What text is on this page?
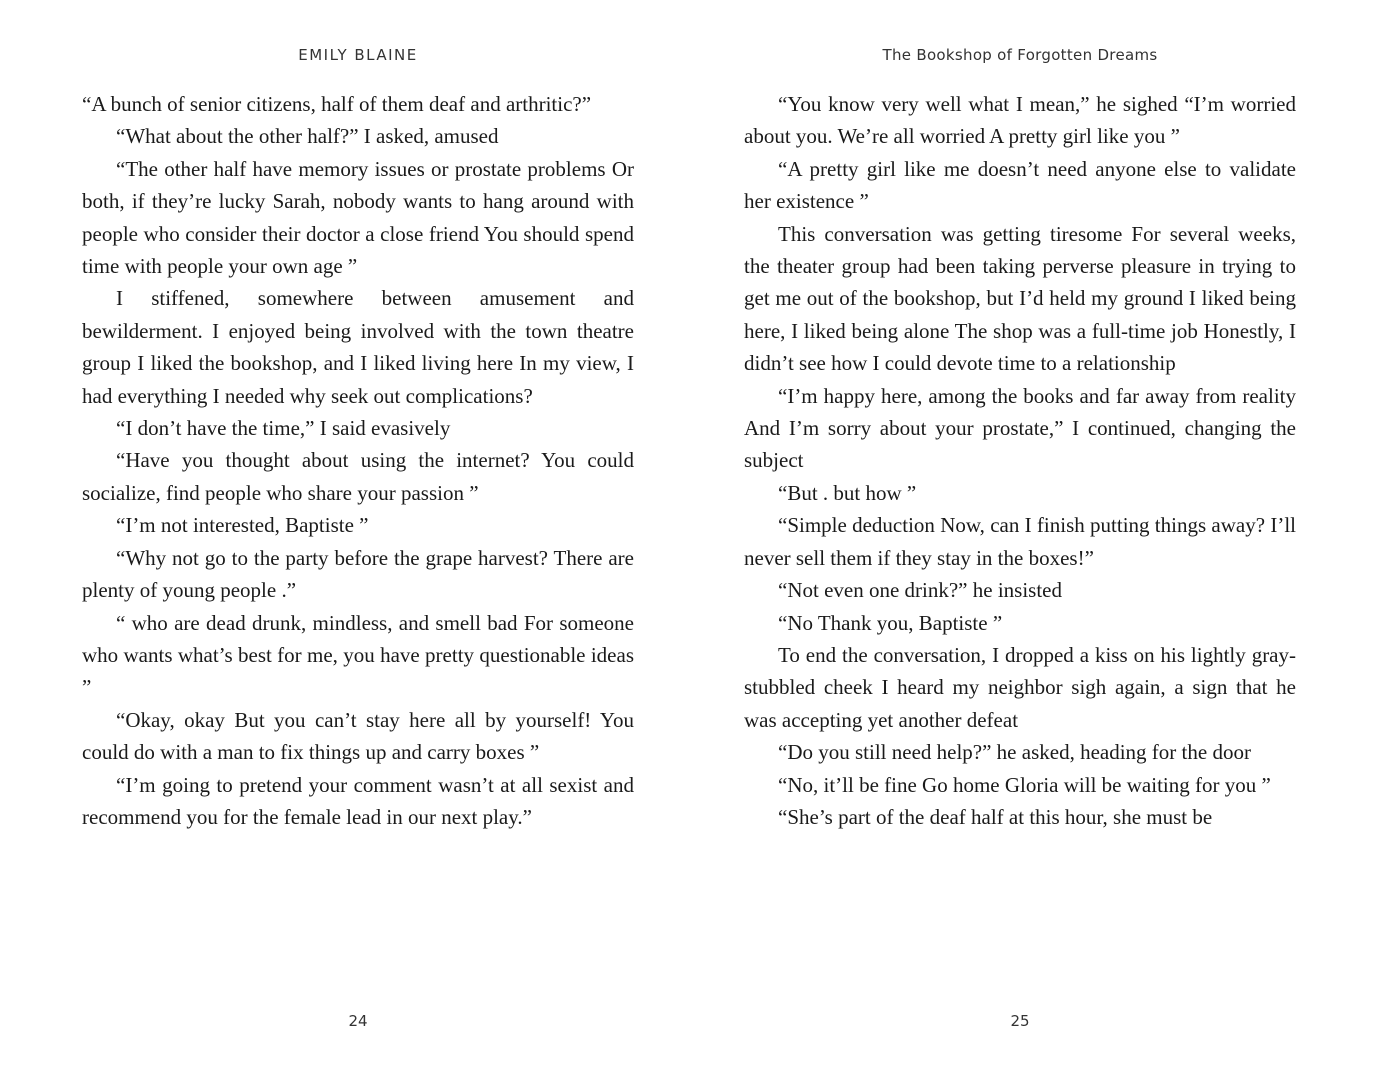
EMILY BLAINE

“A bunch of senior citizens, half of them deaf and arthritic?”

“What about the other half?” I asked, amused

“The other half have memory issues or prostate problems Or both, if they’re lucky Sarah, nobody wants to hang around with people who consider their doctor a close friend You should spend time with people your own age ”

I stiffened, somewhere between amusement and bewilderment. I enjoyed being involved with the town theatre group I liked the bookshop, and I liked living here In my view, I had everything I needed why seek out complications?

“I don’t have the time,” I said evasively

“Have you thought about using the internet? You could socialize, find people who share your passion ”

“I’m not interested, Baptiste ”

“Why not go to the party before the grape harvest? There are plenty of young people .”

“ who are dead drunk, mindless, and smell bad For someone who wants what’s best for me, you have pretty questionable ideas ”

“Okay, okay But you can’t stay here all by yourself! You could do with a man to fix things up and carry boxes ”

“I’m going to pretend your comment wasn’t at all sexist and recommend you for the female lead in our next play.”

24
The Bookshop of Forgotten Dreams

“You know very well what I mean,” he sighed “I’m worried about you. We’re all worried A pretty girl like you ”

“A pretty girl like me doesn’t need anyone else to validate her existence ”

This conversation was getting tiresome For several weeks, the theater group had been taking perverse pleasure in trying to get me out of the bookshop, but I’d held my ground I liked being here, I liked being alone The shop was a full-time job Honestly, I didn’t see how I could devote time to a relationship

“I’m happy here, among the books and far away from reality And I’m sorry about your prostate,” I continued, changing the subject

“But . but how ”

“Simple deduction Now, can I finish putting things away? I’ll never sell them if they stay in the boxes!”

“Not even one drink?” he insisted

“No Thank you, Baptiste ”

To end the conversation, I dropped a kiss on his lightly gray-stubbled cheek I heard my neighbor sigh again, a sign that he was accepting yet another defeat

“Do you still need help?” he asked, heading for the door

“No, it’ll be fine Go home Gloria will be waiting for you ”

“She’s part of the deaf half at this hour, she must be

25
